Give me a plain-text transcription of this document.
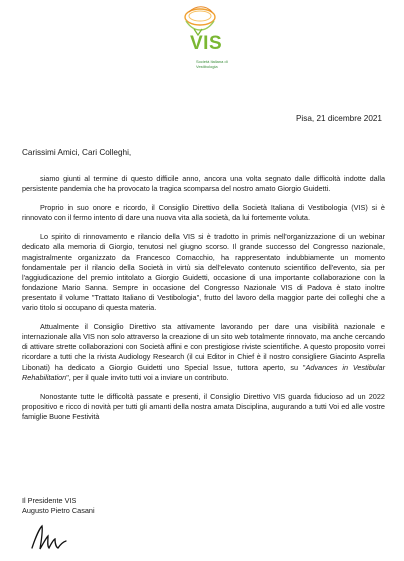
VIS
Società Italiana di Vestibologia
Pisa, 21 dicembre 2021
Carissimi Amici, Cari Colleghi,

siamo giunti al termine di questo difficile anno, ancora una volta segnato dalle difficoltà indotte dalla persistente pandemia che ha provocato la tragica scomparsa del nostro amato Giorgio Guidetti.

Proprio in suo onore e ricordo, il Consiglio Direttivo della Società Italiana di Vestibologia (VIS) si è rinnovato con il fermo intento di dare una nuova vita alla società, da lui fortemente voluta.

Lo spirito di rinnovamento e rilancio della VIS si è tradotto in primis nell'organizzazione di un webinar dedicato alla memoria di Giorgio, tenutosi nel giugno scorso. Il grande successo del Congresso nazionale, magistralmente organizzato da Francesco Comacchio, ha rappresentato indubbiamente un momento fondamentale per il rilancio della Società in virtù sia dell'elevato contenuto scientifico dell'evento, sia per l'aggiudicazione del premio intitolato a Giorgio Guidetti, occasione di una importante collaborazione con la fondazione Mario Sanna. Sempre in occasione del Congresso Nazionale VIS di Padova è stato inoltre presentato il volume "Trattato Italiano di Vestibologia", frutto del lavoro della maggior parte dei colleghi che a vario titolo si occupano di questa materia.

Attualmente il Consiglio Direttivo sta attivamente lavorando per dare una visibilità nazionale e internazionale alla VIS non solo attraverso la creazione di un sito web totalmente rinnovato, ma anche cercando di attivare strette collaborazioni con Società affini e con prestigiose riviste scientifiche. A questo proposito vorrei ricordare a tutti che la rivista Audiology Research (il cui Editor in Chief è il nostro consigliere Giacinto Asprella Libonati) ha dedicato a Giorgio Guidetti uno Special Issue, tuttora aperto, su "Advances in Vestibular Rehabilitation", per il quale invito tutti voi a inviare un contributo.

Nonostante tutte le difficoltà passate e presenti, il Consiglio Direttivo VIS guarda fiducioso ad un 2022 propositivo e ricco di novità per tutti gli amanti della nostra amata Disciplina, augurando a tutti Voi ed alle vostre famiglie Buone Festività

Il Presidente VIS
Augusto Pietro Casani
